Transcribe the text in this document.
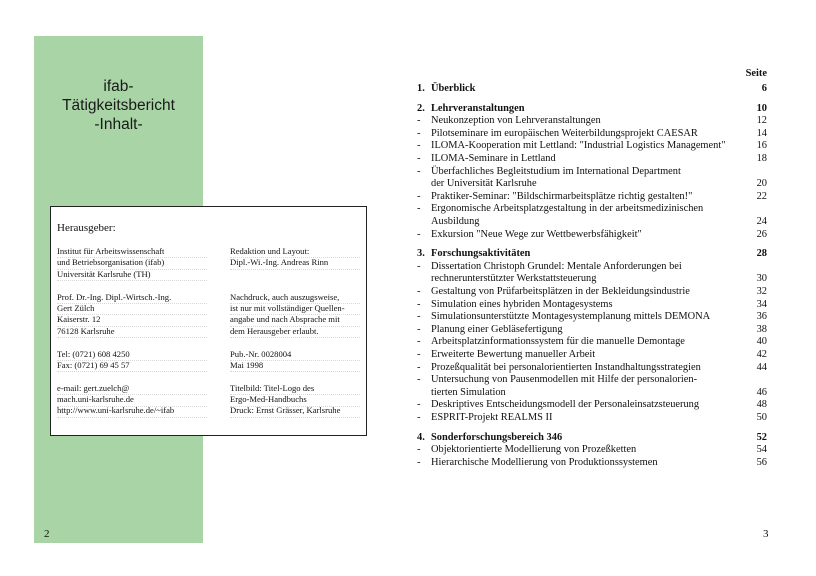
ifab-
Tätigkeitsbericht
-Inhalt-
Herausgeber:
Institut für Arbeitswissenschaft
und Betriebsorganisation (ifab)
Universität Karlsruhe (TH)

Prof. Dr.-Ing. Dipl.-Wirtsch.-Ing.
Gert Zülch
Kaiserstr. 12
76128 Karlsruhe

Tel: (0721) 608 4250
Fax: (0721) 69 45 57

e-mail: gert.zuelch@
mach.uni-karlsruhe.de
http://www.uni-karlsruhe.de/~ifab
Redaktion und Layout:
Dipl.-Wi.-Ing. Andreas Rinn

Nachdruck, auch auszugsweise,
ist nur mit vollständiger Quellen-
angabe und nach Absprache mit
dem Herausgeber erlaubt.

Pub.-Nr. 0028004
Mai 1998

Titelbild: Titel-Logo des
Ergo-Med-Handbuchs
Druck: Ernst Grässer, Karlsruhe
2
Seite
1. Überblick	6
2. Lehrveranstaltungen	10
- Neukonzeption von Lehrveranstaltungen	12
- Pilotseminare im europäischen Weiterbildungsprojekt CAESAR	14
- ILOMA-Kooperation mit Lettland: "Industrial Logistics Management"	16
- ILOMA-Seminare in Lettland	18
- Überfachliches Begleitstudium im International Department
der Universität Karlsruhe	20
- Praktiker-Seminar: "Bildschirmarbeitsplätze richtig gestalten!"	22
- Ergonomische Arbeitsplatzgestaltung in der arbeitsmedizinischen
Ausbildung	24
- Exkursion "Neue Wege zur Wettbewerbsfähigkeit"	26
3. Forschungsaktivitäten	28
- Dissertation Christoph Grundel: Mentale Anforderungen bei
rechnerunterstützter Werkstattsteuerung	30
- Gestaltung von Prüfarbeitsplätzen in der Bekleidungsindustrie	32
- Simulation eines hybriden Montagesystems	34
- Simulationsunterstützte Montagesystemplanung mittels DEMONA	36
- Planung einer Gebläsefertigung	38
- Arbeitsplatzinformationssystem für die manuelle Demontage	40
- Erweiterte Bewertung manueller Arbeit	42
- Prozeßqualität bei personalorientierten Instandhaltungsstrategien	44
- Untersuchung von Pausenmodellen mit Hilfe der personalorien-
tierten Simulation	46
- Deskriptives Entscheidungsmodell der Personaleinsatzsteuerung	48
- ESPRIT-Projekt REALMS II	50
4. Sonderforschungsbereich 346	52
- Objektorientierte Modellierung von Prozeßketten	54
- Hierarchische Modellierung von Produktionssystemen	56
3
